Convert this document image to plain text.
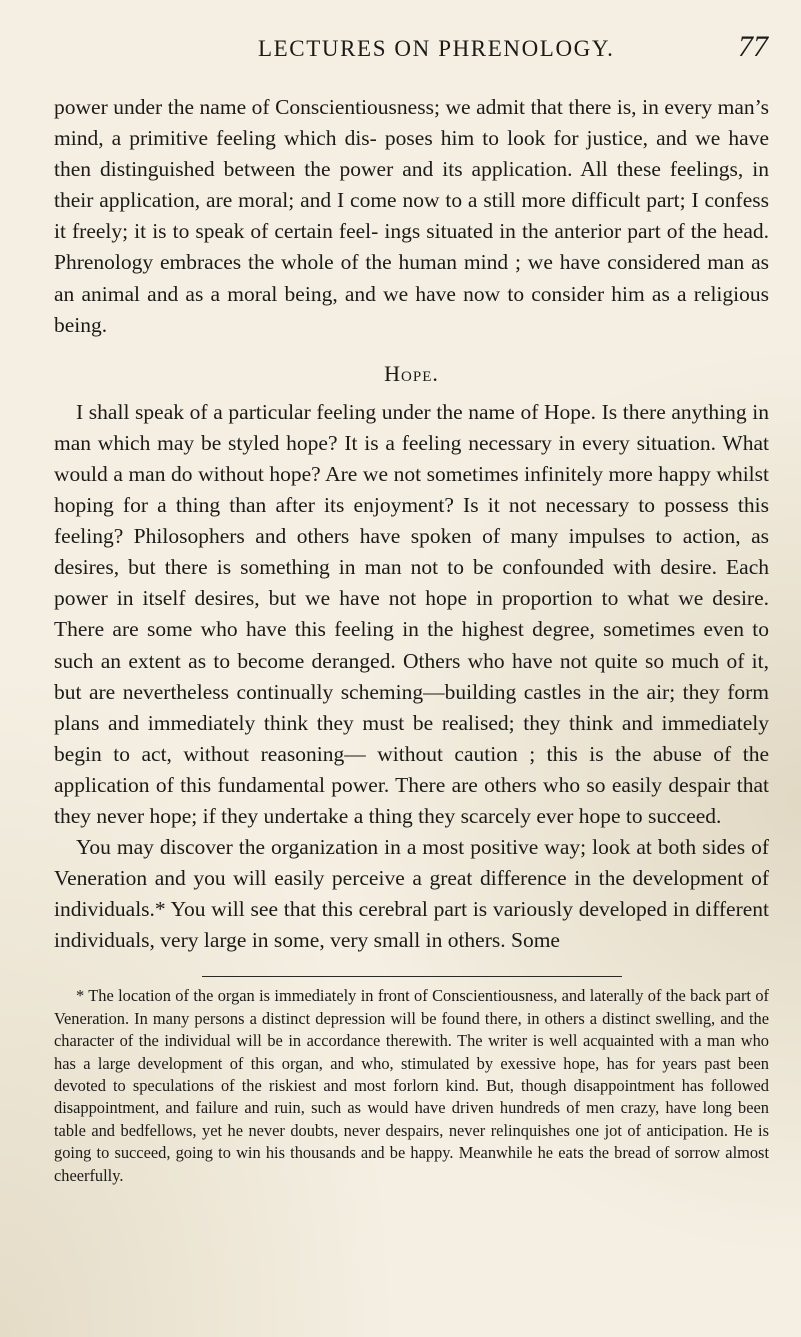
LECTURES ON PHRENOLOGY.	77

power under the name of Conscientiousness; we admit that there is, in every man’s mind, a primitive feeling which dis- poses him to look for justice, and we have then distinguished between the power and its application. All these feelings, in their application, are moral; and I come now to a still more difficult part; I confess it freely; it is to speak of certain feel- ings situated in the anterior part of the head. Phrenology embraces the whole of the human mind ; we have considered man as an animal and as a moral being, and we have now to consider him as a religious being.

Hope.

I shall speak of a particular feeling under the name of Hope. Is there anything in man which may be styled hope? It is a feeling necessary in every situation. What would a man do without hope? Are we not sometimes infinitely more happy whilst hoping for a thing than after its enjoyment? Is it not necessary to possess this feeling? Philosophers and others have spoken of many impulses to action, as desires, but there is something in man not to be confounded with desire. Each power in itself desires, but we have not hope in proportion to what we desire. There are some who have this feeling in the highest degree, sometimes even to such an extent as to become deranged. Others who have not quite so much of it, but are nevertheless continually scheming—building castles in the air; they form plans and immediately think they must be realised; they think and immediately begin to act, without reasoning— without caution ; this is the abuse of the application of this fundamental power. There are others who so easily despair that they never hope; if they undertake a thing they scarcely ever hope to succeed.

You may discover the organization in a most positive way; look at both sides of Veneration and you will easily perceive a great difference in the development of individuals.* You will see that this cerebral part is variously developed in different individuals, very large in some, very small in others. Some

* The location of the organ is immediately in front of Conscientiousness, and laterally of the back part of Veneration. In many persons a distinct depression will be found there, in others a distinct swelling, and the character of the individual will be in accordance therewith. The writer is well acquainted with a man who has a large development of this organ, and who, stimulated by exessive hope, has for years past been devoted to speculations of the riskiest and most forlorn kind. But, though disappointment has followed disappointment, and failure and ruin, such as would have driven hundreds of men crazy, have long been table and bedfellows, yet he never doubts, never despairs, never relinquishes one jot of anticipation. He is going to succeed, going to win his thousands and be happy. Meanwhile he eats the bread of sorrow almost cheerfully.
